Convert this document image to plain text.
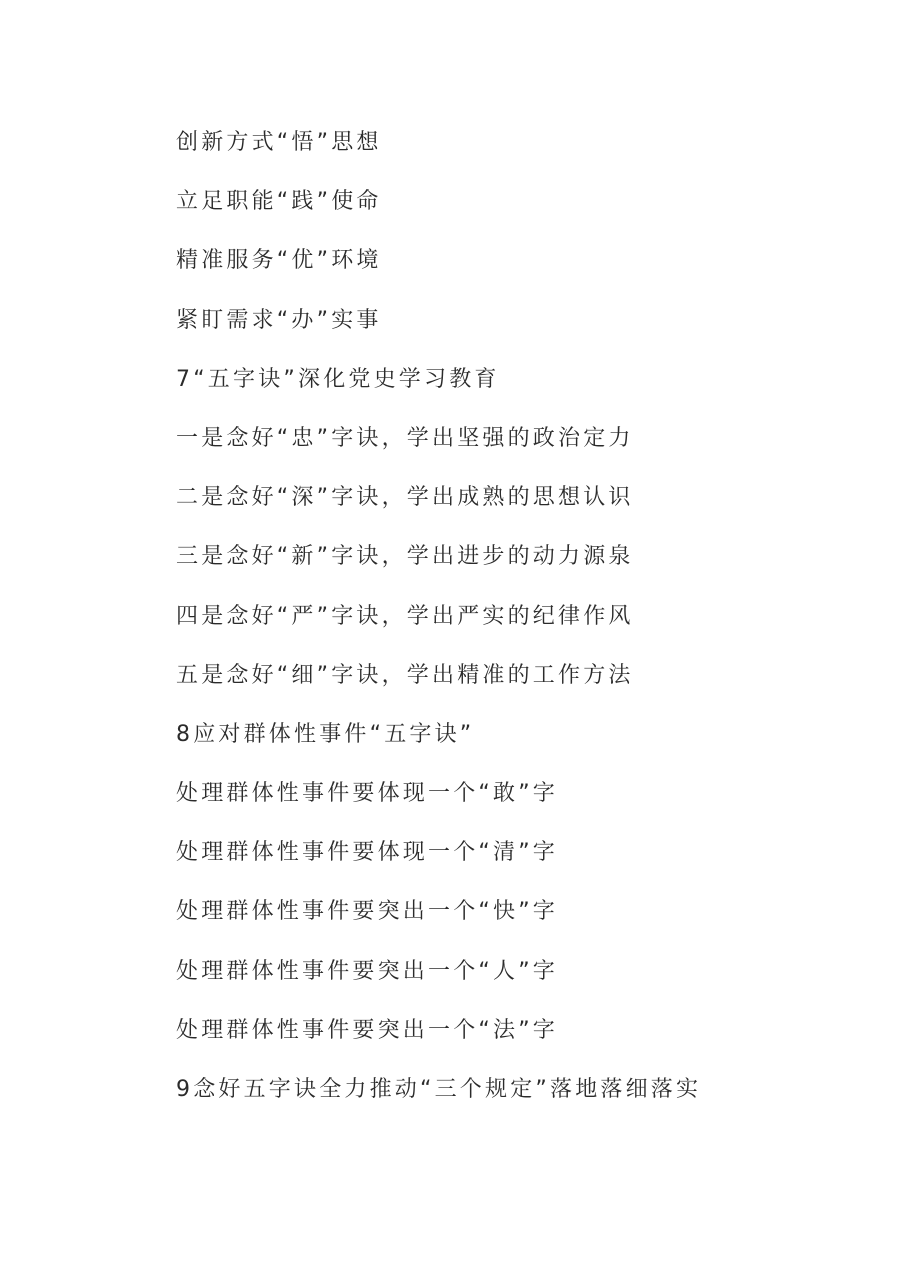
创新方式“悟”思想
立足职能“践”使命
精准服务“优”环境
紧盯需求“办”实事
7“五字诀”深化党史学习教育
一是念好“忠”字诀，学出坚强的政治定力
二是念好“深”字诀，学出成熟的思想认识
三是念好“新”字诀，学出进步的动力源泉
四是念好“严”字诀，学出严实的纪律作风
五是念好“细”字诀，学出精准的工作方法
8应对群体性事件“五字诀”
处理群体性事件要体现一个“敢”字
处理群体性事件要体现一个“清”字
处理群体性事件要突出一个“快”字
处理群体性事件要突出一个“人”字
处理群体性事件要突出一个“法”字
9念好五字诀全力推动“三个规定”落地落细落实
